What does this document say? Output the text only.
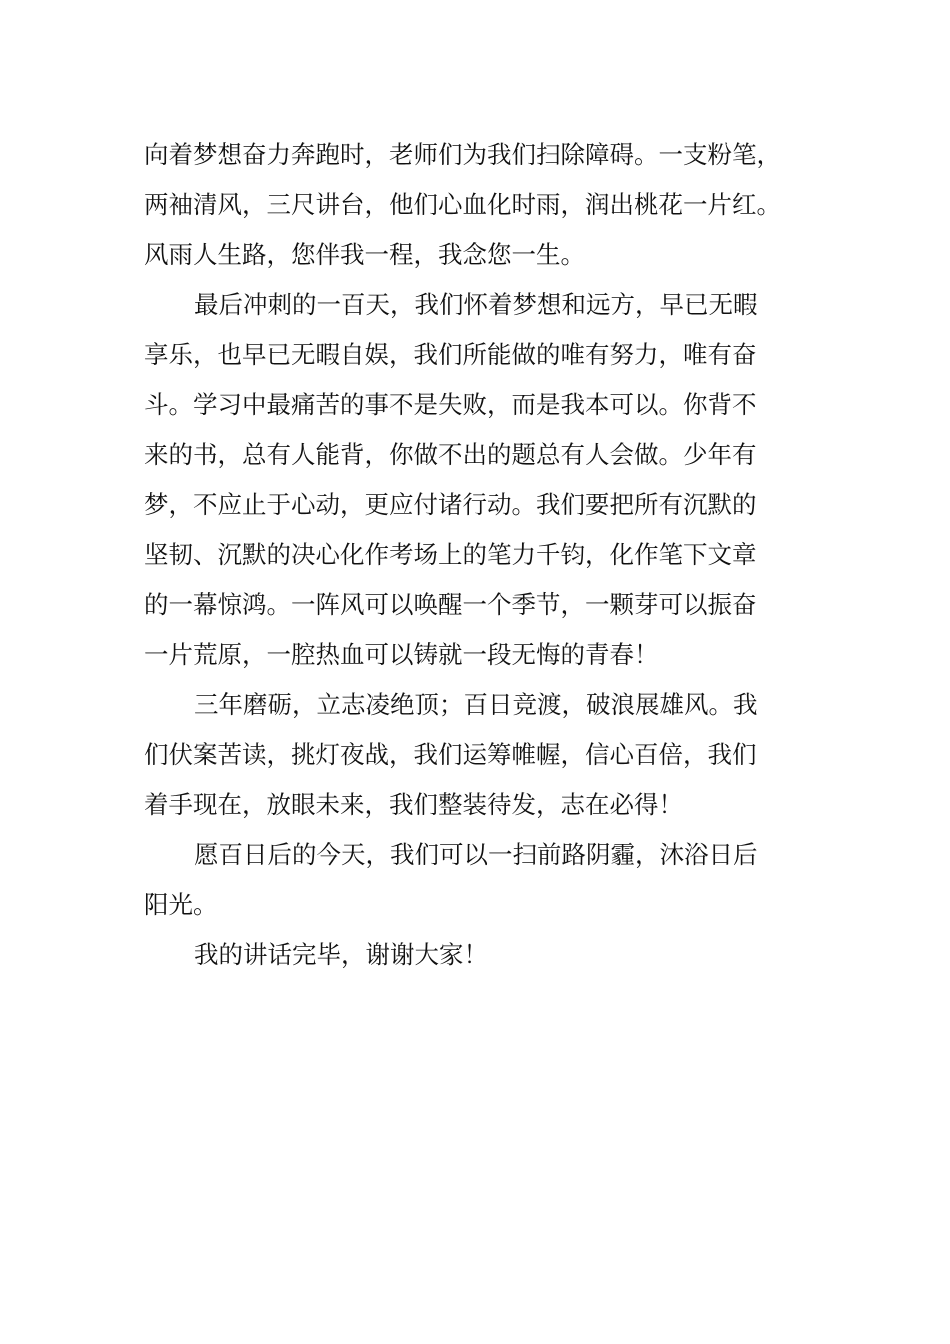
向着梦想奋力奔跑时，老师们为我们扫除障碍。一支粉笔，
两袖清风，三尺讲台，他们心血化时雨，润出桃花一片红。
风雨人生路，您伴我一程，我念您一生。
最后冲刺的一百天，我们怀着梦想和远方，早已无暇
享乐，也早已无暇自娱，我们所能做的唯有努力，唯有奋
斗。学习中最痛苦的事不是失败，而是我本可以。你背不
来的书，总有人能背，你做不出的题总有人会做。少年有
梦，不应止于心动，更应付诸行动。我们要把所有沉默的
坚韧、沉默的决心化作考场上的笔力千钧，化作笔下文章
的一幕惊鸿。一阵风可以唤醒一个季节，一颗芽可以振奋
一片荒原，一腔热血可以铸就一段无悔的青春！
三年磨砺，立志凌绝顶；百日竞渡，破浪展雄风。我
们伏案苦读，挑灯夜战，我们运筹帷幄，信心百倍，我们
着手现在，放眼未来，我们整装待发，志在必得！
愿百日后的今天，我们可以一扫前路阴霾，沐浴日后
阳光。
我的讲话完毕，谢谢大家！
